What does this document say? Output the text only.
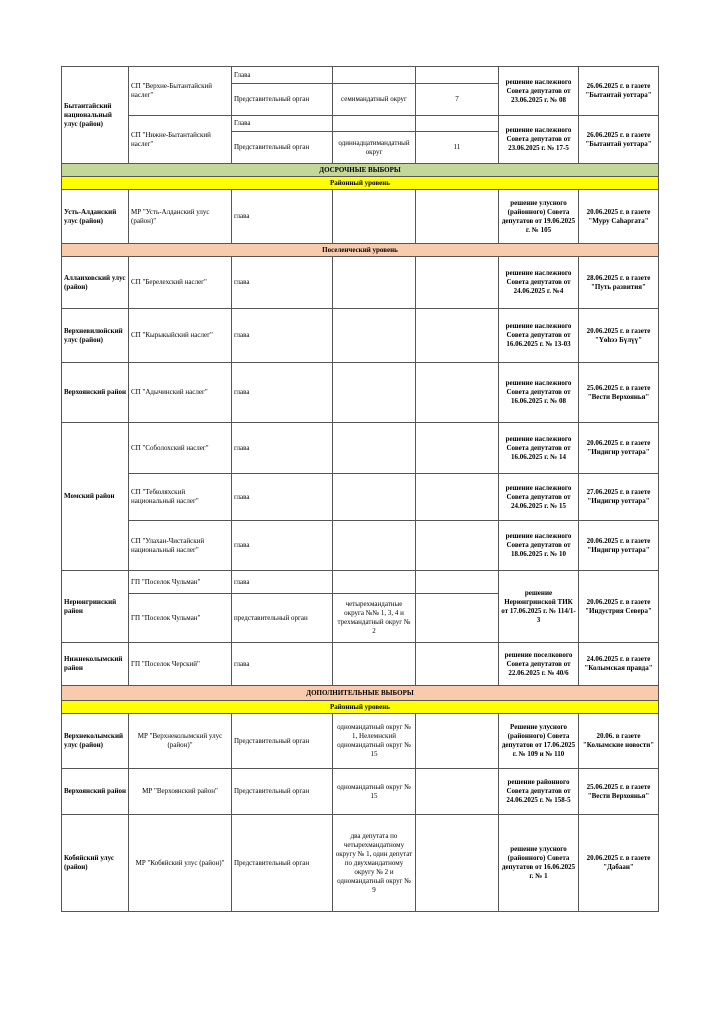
Бытантайский национальный улус (район)	СП "Верхне-Бытантайский наслег"	Глава			решение наслежного Совета депутатов от 23.06.2025 г. № 08	26.06.2025 г. в газете "Бытантай уоттара"
		Представительный орган	семимандатный округ	7		
	СП "Нижне-Бытантайский наслег"	Глава			решение наслежного Совета депутатов от 23.06.2025 г. № 17-5	26.06.2025 г. в газете "Бытантай уоттара"
		Представительный орган	одиннадцатимандатный округ	11		
ДОСРОЧНЫЕ ВЫБОРЫ						
Районный уровень						
Усть-Алданский улус (район)	МР "Усть-Алданский улус (район)"	глава			решение улусного (районного) Совета депутатов от 19.06.2025 г. № 105	20.06.2025 г. в газете "Муру Саһаргата"
Поселенческий уровень						
Аллаиховский улус (район)	СП "Берелехский наслег"	глава			решение наслежного Совета депутатов от 24.06.2025 г. №4	28.06.2025 г. в газете "Путь развития"
Верхневилюйский улус (район)	СП "Кырыкыйский наслег"	глава			решение наслежного Совета депутатов от 16.06.2025 г. № 13-03	20.06.2025 г. в газете "Үөһээ Бүлүү"
Верхоянский район	СП "Адычинский наслег"	глава			решение наслежного Совета депутатов от 16.06.2025 г. № 08	25.06.2025 г. в газете "Вести Верхоянья"
Момский район	СП "Соболохский наслег"	глава			решение наслежного Совета депутатов от 16.06.2025 г. № 14	20.06.2025 г. в газете "Индигир уоттара"
	СП "Тебюляхский национальный наслег"	глава			решение наслежного Совета депутатов от 24.06.2025 г. № 15	27.06.2025 г. в газете "Индигир уоттара"
	СП "Улахан-Чистайский национальный наслег"	глава			решение наслежного Совета депутатов от 18.06.2025 г. № 10	20.06.2025 г. в газете "Индигир уоттара"
Нерюнгринский район	ГП "Поселок Чульман"	глава			решение Нерюнгринской ТИК от 17.06.2025 г. № 114/1-3	20.06.2025 г. в газете "Индустрия Севера"
	ГП "Поселок Чульман"	представительный орган	четырехмандатные округа №№ 1, 3, 4 и трехмандатный округ № 2			
Нижнеколымский район	ГП "Поселок Черский"	глава			решение поселкового Совета депутатов от 22.06.2025 г. № 40/6	24.06.2025 г. в газете "Колымская правда"
ДОПОЛНИТЕЛЬНЫЕ ВЫБОРЫ						
Районный уровень						
Верхнеколымский улус (район)	МР "Верхнеколымский улус (район)"	Представительный орган	одномандатный округ № 1, Нелемнский одномандатный округ № 15		Решение улусного (районного) Совета депутатов от 17.06.2025 г. № 109 и № 110	20.06. в газете "Колымские новости"
Верхоянский район	МР "Верхоянский район"	Представительный орган	одномандатный округ № 15		решение районного Совета депутатов от 24.06.2025 г. № 158-5	25.06.2025 г. в газете "Вести Верхоянья"
Кобяйский улус (район)	МР "Кобяйский улус (район)"	Представительный орган	два депутата по четырехмандатному округу № 1, один депутат по двухмандатному округу № 2 и одномандатный округ № 9		решение улусного (районного) Совета депутатов от 16.06.2025 г. № 1	20.06.2025 г. в газете "Дабаан"
